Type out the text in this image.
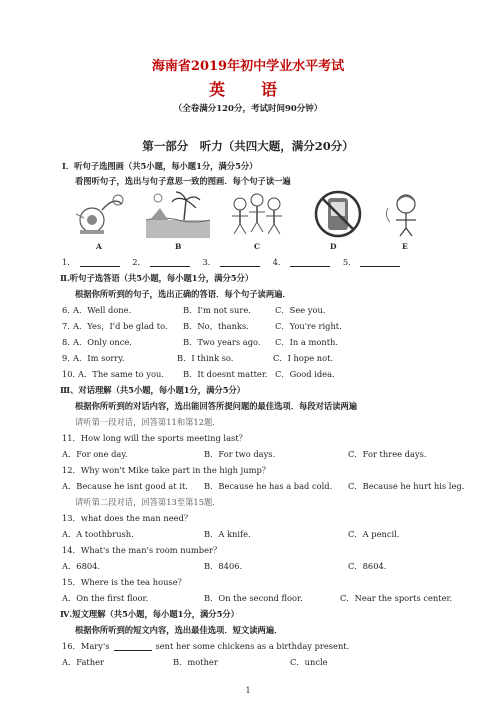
海南省2019年初中学业水平考试
英　语
（全卷满分120分，考试时间90分钟）
第一部分　听力（共四大题，满分20分）
I．听句子选图画（共5小题，每小题1分，满分5分）
看图听句子，选出与句子意思一致的图画．每个句子读一遍
A	B	C	D	E
1．	2．	3．	4．	5．
Ⅱ.听句子选答语（共5小题，每小题1分，满分5分）
根据你所听到的句子，选出正确的答语．每个句子读两遍．
6．
A．Well done.	B．I'm not sure.	C．See you.
7．
A．Yes，I'd be glad to. B．No，thanks.	C．You're right.
8．
A．Only once.	B．Two years ago. C．In a month.
9．
A．Im sorry.	B．I think so.	C．I hope not.
10．
A．The same to you. B．It doesnt matter. C．Good idea.
Ⅲ、对话理解（共5小题，每小题1分，满分5分）
根据你所听到的对话内容，选出能回答所提问题的最佳选项．每段对话读两遍
请听第一段对话，回答第11和第12题．
11．How long will the sports meeting last？
A．For one day.	B．For two days.	C．For three days.
12．Why won't Mike take part in the high jump？
A．Because he isnt good at it. B．Because he has a bad cold. C．Because he hurt his leg.
请听第二段对话，回答第13至第15题．
13．what does the man need？
A．A toothbrush.	B．A knife.	C．A pencil.
14．What's the man's room number？
A．6804.	B．8406.	C．8604.
15．Where is the tea house？
A．On the first floor.	B．On the second floor.	C．Near the sports center.
Ⅳ.短文理解（共5小题，每小题1分，满分5分）
根据你所听到的短文内容，选出最佳选项．短文读两遍．
16．Mary's	sent her some chickens as a birthday present.
A．Father	B．mother	C．uncle
1
